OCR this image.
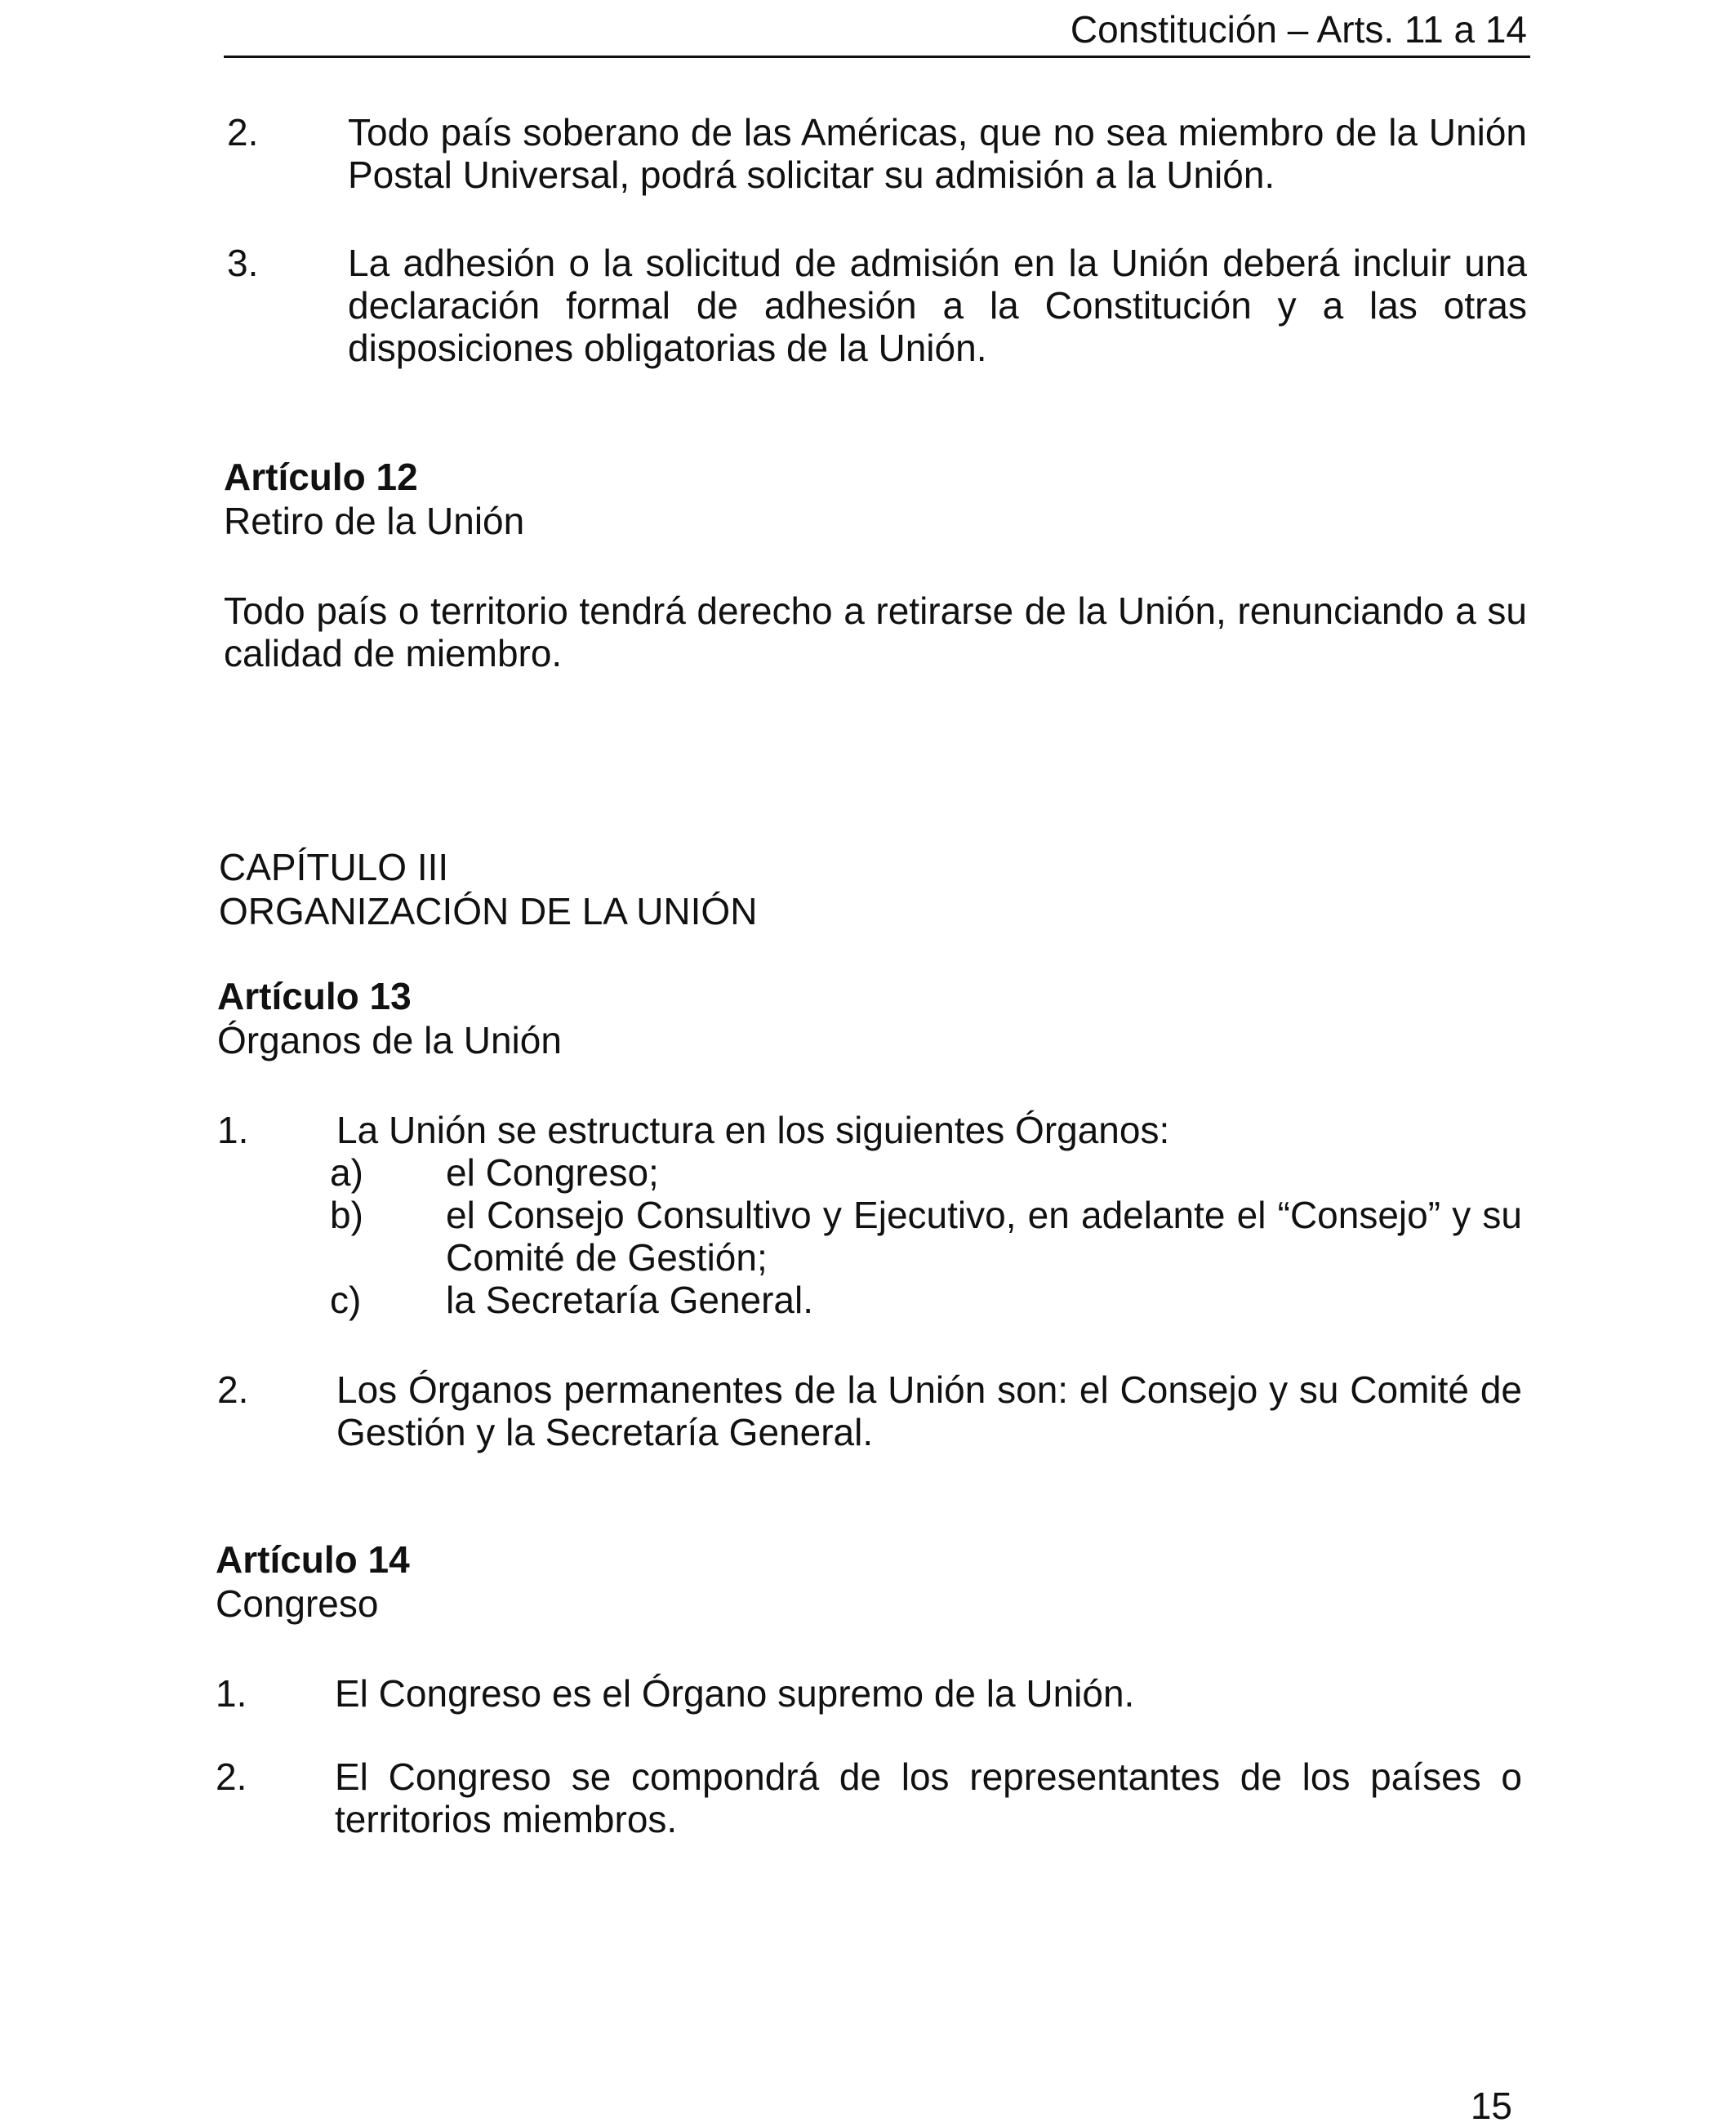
Constitución – Arts. 11 a 14
2. Todo país soberano de las Américas, que no sea miembro de la Unión Postal Universal, podrá solicitar su admisión a la Unión.
3. La adhesión o la solicitud de admisión en la Unión deberá incluir una declaración formal de adhesión a la Constitución y a las otras disposiciones obligatorias de la Unión.
Artículo 12
Retiro de la Unión
Todo país o territorio tendrá derecho a retirarse de la Unión, renunciando a su calidad de miembro.
CAPÍTULO III
ORGANIZACIÓN DE LA UNIÓN
Artículo 13
Órganos de la Unión
1. La Unión se estructura en los siguientes Órganos:
a) el Congreso;
b) el Consejo Consultivo y Ejecutivo, en adelante el “Consejo” y su Comité de Gestión;
c) la Secretaría General.
2. Los Órganos permanentes de la Unión son: el Consejo y su Comité de Gestión y la Secretaría General.
Artículo 14
Congreso
1. El Congreso es el Órgano supremo de la Unión.
2. El Congreso se compondrá de los representantes de los países o territorios miembros.
15
